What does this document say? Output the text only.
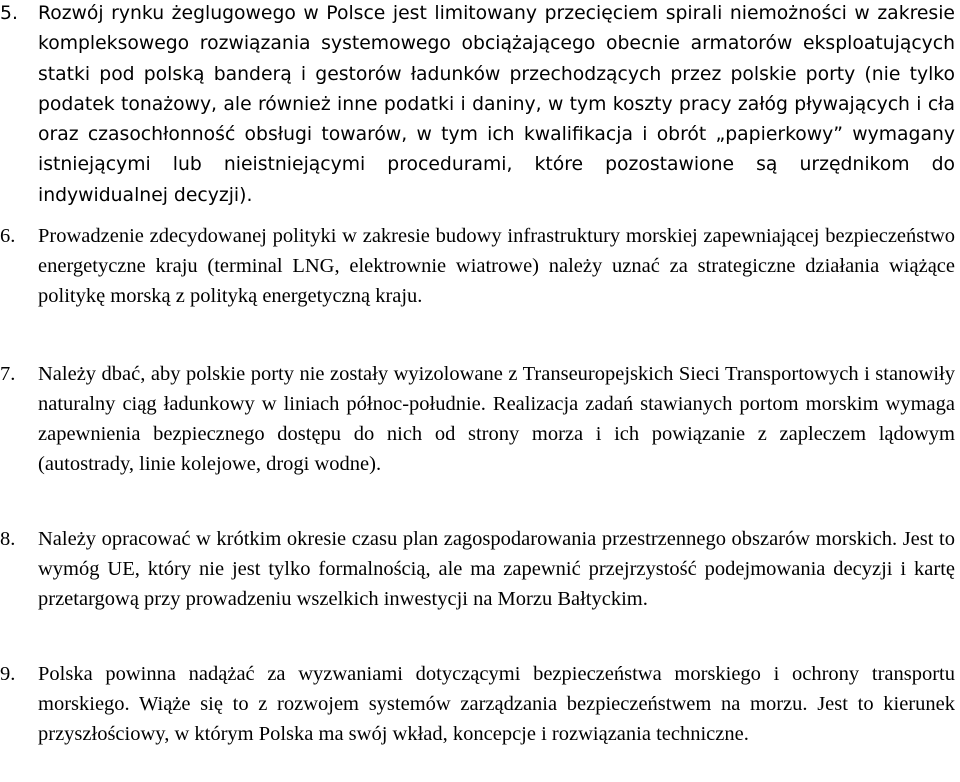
5.	Rozwój rynku żeglugowego w Polsce jest limitowany przecięciem spirali niemożności w zakresie kompleksowego rozwiązania systemowego obciążającego obecnie armatorów eksploatujących statki pod polską banderą i gestorów ładunków przechodzących przez polskie porty (nie tylko podatek tonażowy, ale również inne podatki i daniny, w tym koszty pracy załóg pływających i cła oraz czasochłonność obsługi towarów, w tym ich kwalifikacja i obrót „papierkowy” wymagany istniejącymi lub nieistniejącymi procedurami, które pozostawione są urzędnikom do indywidualnej decyzji).
6.	Prowadzenie zdecydowanej polityki w zakresie budowy infrastruktury morskiej zapewniającej bezpieczeństwo energetyczne kraju (terminal LNG, elektrownie wiatrowe) należy uznać za strategiczne działania wiążące politykę morską z polityką energetyczną kraju.
7.	Należy dbać, aby polskie porty nie zostały wyizolowane z Transeuropejskich Sieci Transportowych i stanowiły naturalny ciąg ładunkowy w liniach północ-południe. Realizacja zadań stawianych portom morskim wymaga zapewnienia bezpiecznego dostępu do nich od strony morza i ich powiązanie z zapleczem lądowym (autostrady, linie kolejowe, drogi wodne).
8.	Należy opracować w krótkim okresie czasu plan zagospodarowania przestrzennego obszarów morskich. Jest to wymóg UE, który nie jest tylko formalnością, ale ma zapewnić przejrzystość podejmowania decyzji i kartę przetargową przy prowadzeniu wszelkich inwestycji na Morzu Bałtyckim.
9.	Polska powinna nadążać za wyzwaniami dotyczącymi bezpieczeństwa morskiego i ochrony transportu morskiego. Wiąże się to z rozwojem systemów zarządzania bezpieczeństwem na morzu. Jest to kierunek przyszłościowy, w którym Polska ma swój wkład, koncepcje i rozwiązania techniczne.
